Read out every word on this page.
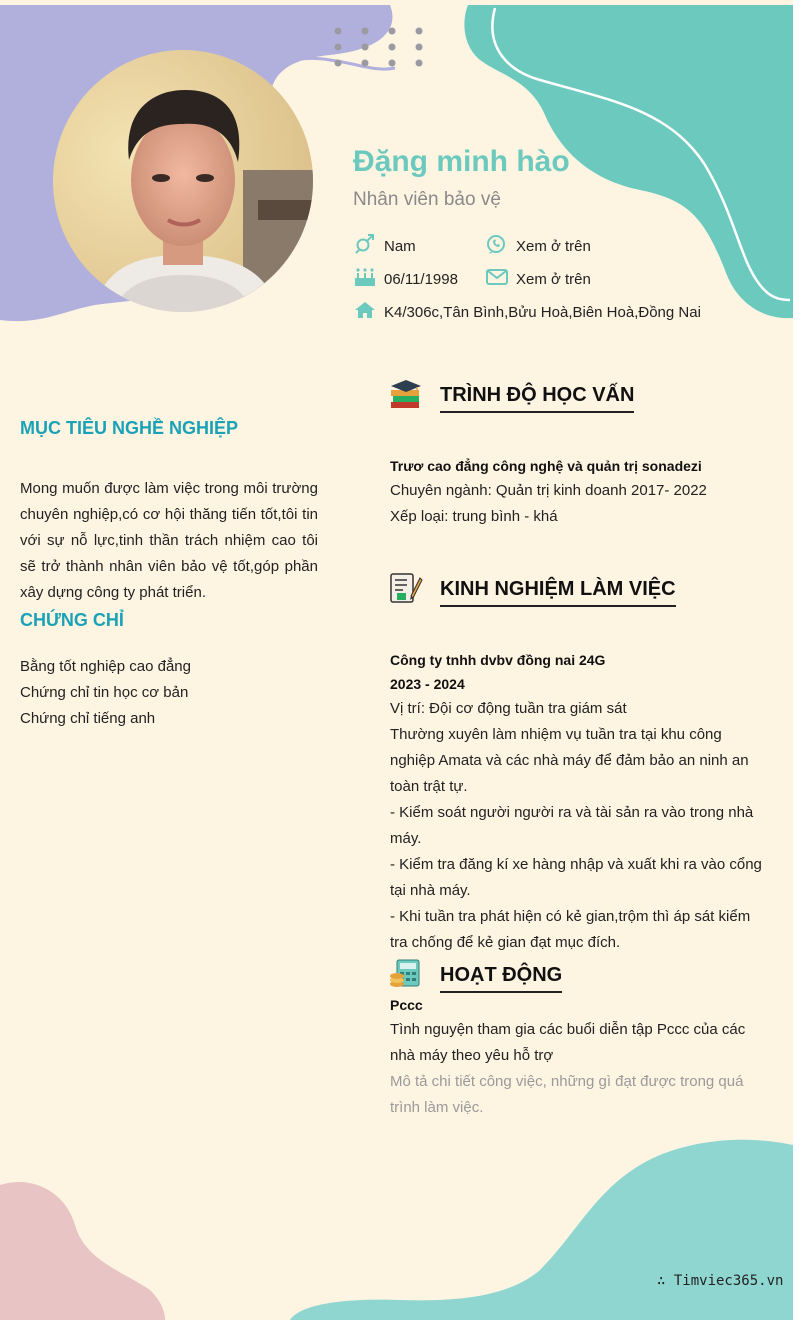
Đặng minh hào
Nhân viên bảo vệ
Nam	Xem ở trên
06/11/1998	Xem ở trên
K4/306c,Tân Bình,Bửu Hoà,Biên Hoà,Đồng Nai
MỤC TIÊU NGHỀ NGHIỆP
Mong muốn được làm việc trong môi trường chuyên nghiệp,có cơ hội thăng tiến tốt,tôi tin với sự nỗ lực,tinh thần trách nhiệm cao tôi sẽ trở thành nhân viên bảo vệ tốt,góp phần xây dựng công ty phát triển.
CHỨNG CHỈ
Bằng tốt nghiệp cao đẳng
Chứng chỉ tin học cơ bản
Chứng chỉ tiếng anh
TRÌNH ĐỘ HỌC VẤN
Trươ cao đẳng công nghệ và quản trị sonadezi
Chuyên ngành: Quản trị kinh doanh 2017- 2022
Xếp loại: trung bình - khá
KINH NGHIỆM LÀM VIỆC
Công ty tnhh dvbv đồng nai 24G
2023 - 2024
Vị trí: Đội cơ động tuần tra giám sát
Thường xuyên làm nhiệm vụ tuần tra tại khu công nghiệp Amata và các nhà máy để đảm bảo an ninh an toàn trật tự.
- Kiểm soát người người ra và tài sản ra vào trong nhà máy.
- Kiểm tra đăng kí xe hàng nhập và xuất khi ra vào cổng tại nhà máy.
- Khi tuần tra phát hiện có kẻ gian,trộm thì áp sát kiểm tra chống để kẻ gian đạt mục đích.
HOẠT ĐỘNG
Pccc
Tình nguyện tham gia các buổi diễn tập Pccc của các nhà máy theo yêu hỗ trợ
Mô tả chi tiết công việc, những gì đạt được trong quá trình làm việc.
∴ Timviec365.vn
